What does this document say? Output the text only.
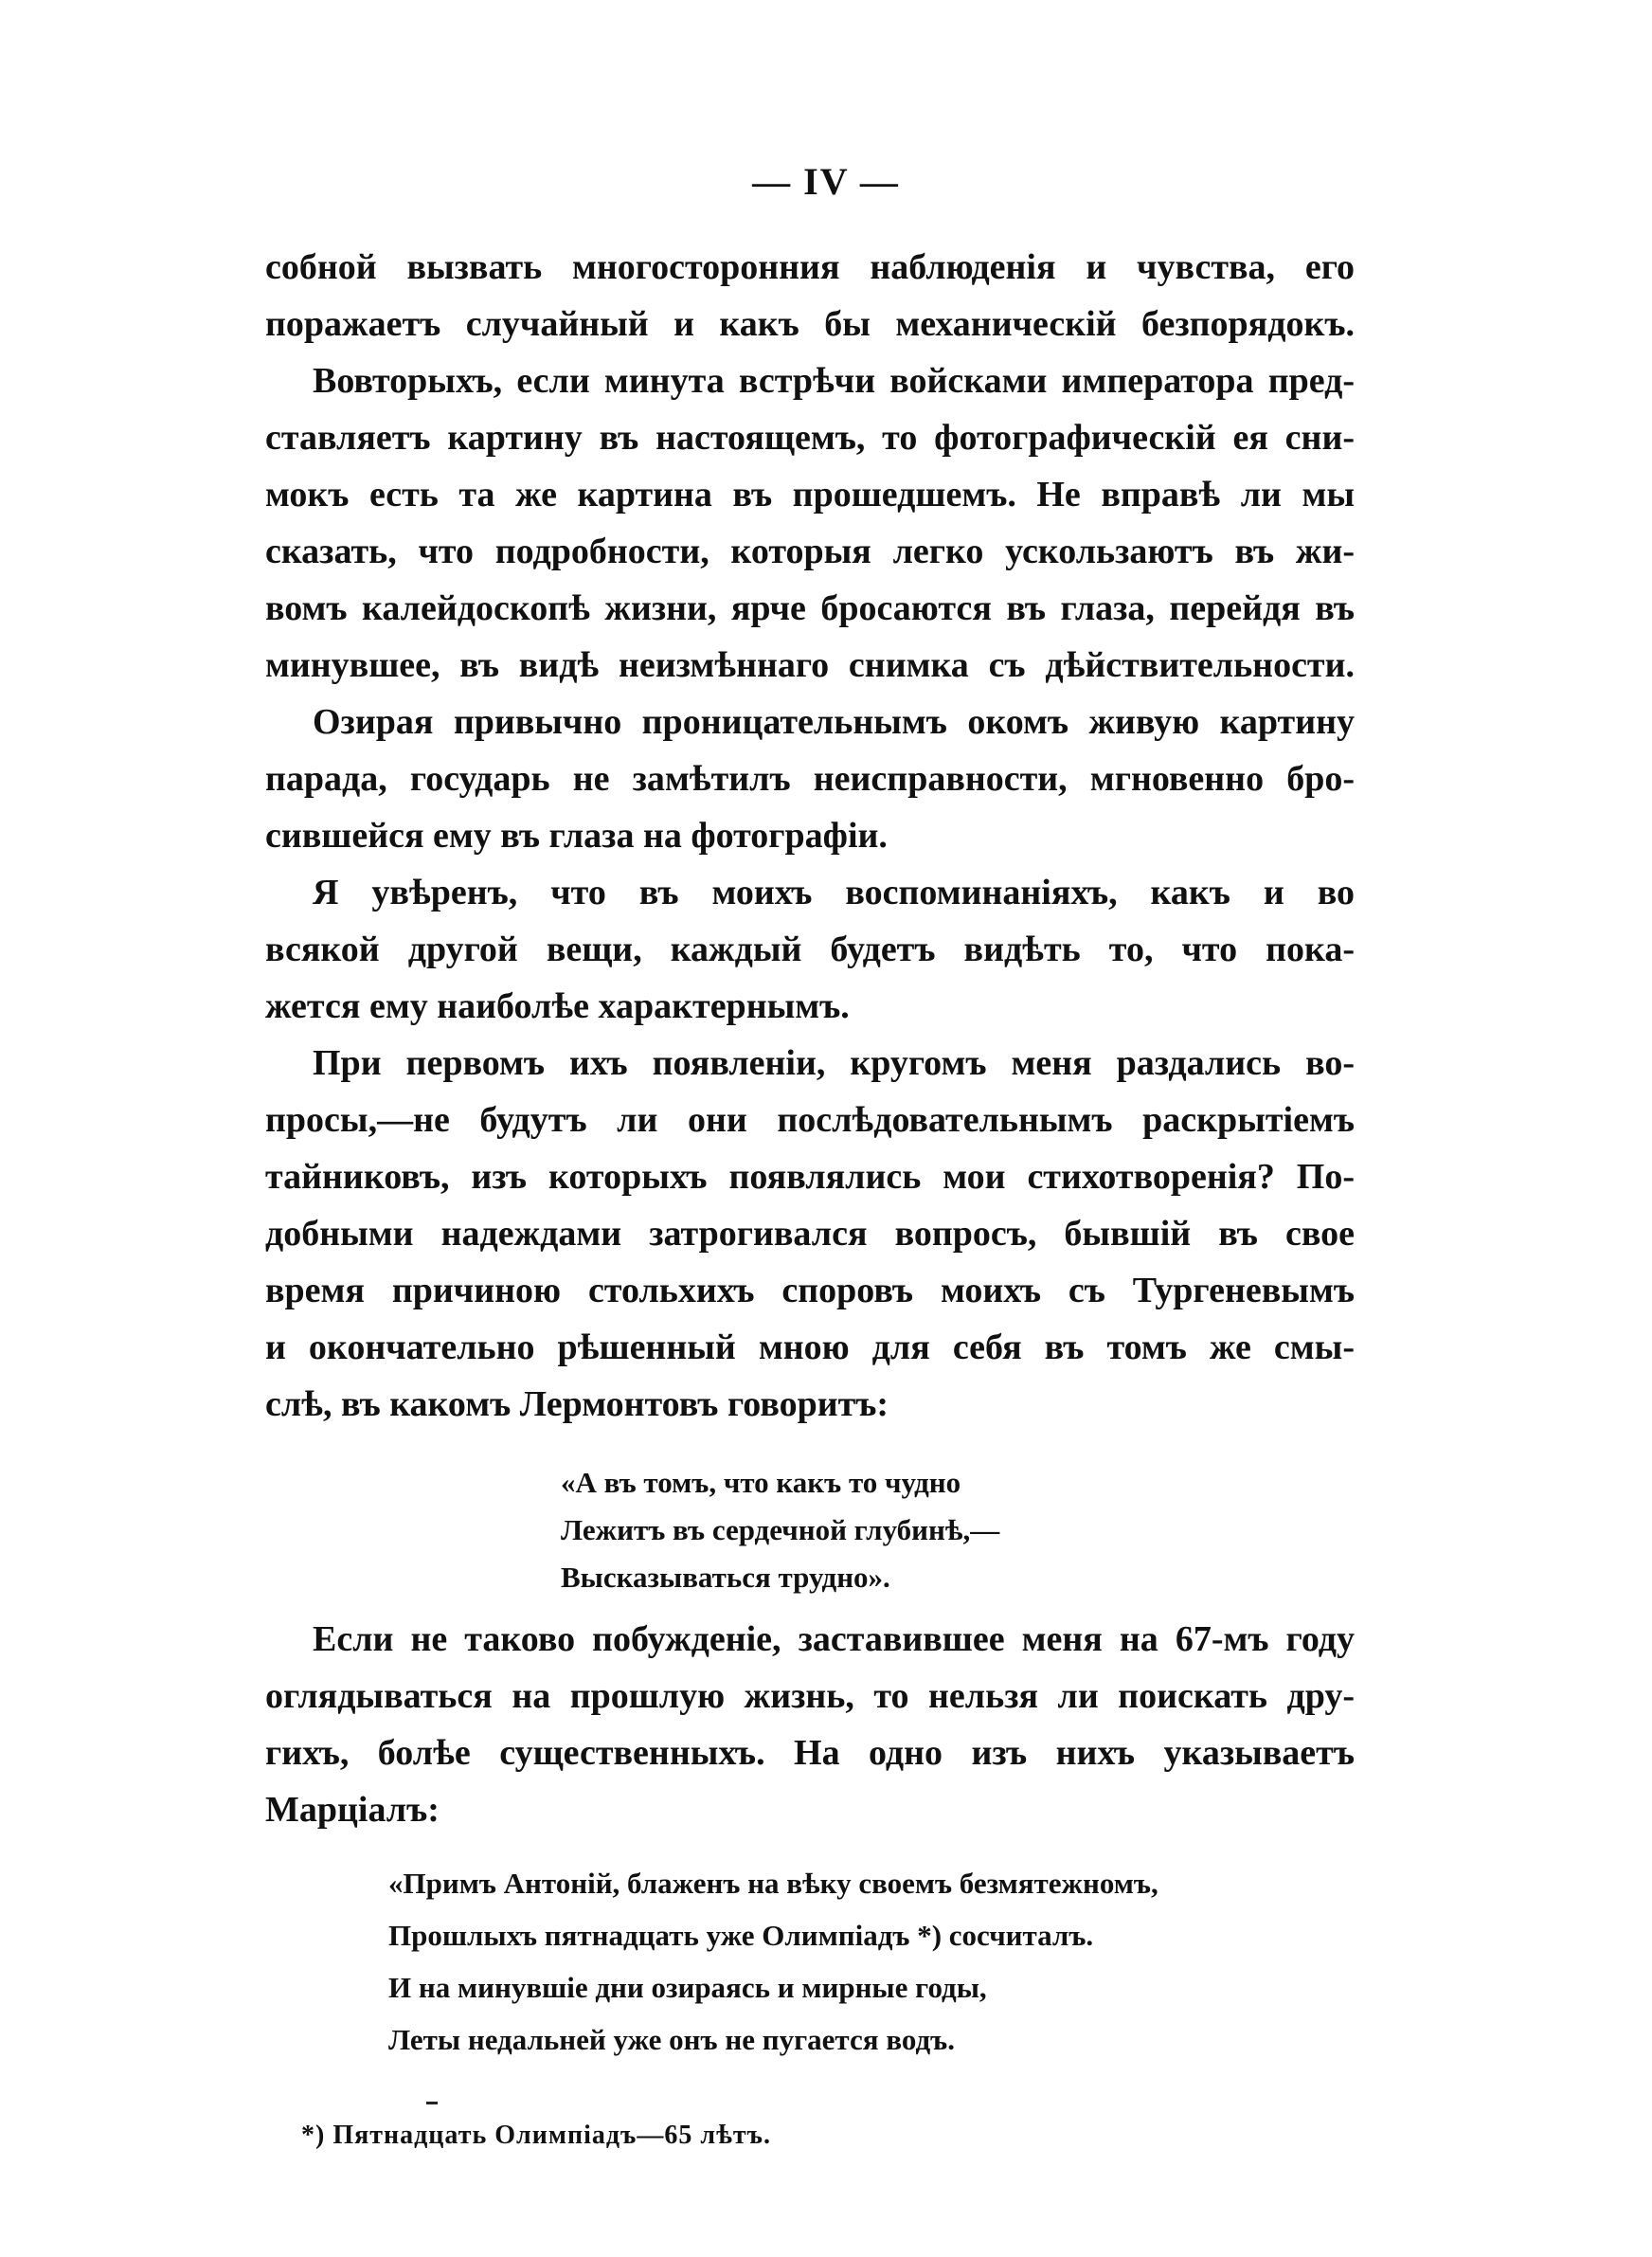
— IV —
собной вызвать многосторонния наблюденія и чувства, его
поражаетъ случайный и какъ бы механическій безпорядокъ.
Вовторыхъ, если минута встрѣчи войсками императора пред-
ставляетъ картину въ настоящемъ, то фотографическій ея сни-
мокъ есть та же картина въ прошедшемъ. Не вправѣ ли мы
сказать, что подробности, которыя легко ускользаютъ въ жи-
вомъ калейдоскопѣ жизни, ярче бросаются въ глаза, перейдя въ
минувшее, въ видѣ неизмѣннаго снимка съ дѣйствительности.
Озирая привычно проницательнымъ окомъ живую картину
парада, государь не замѣтилъ неисправности, мгновенно бро-
сившейся ему въ глаза на фотографіи.
Я увѣренъ, что въ моихъ воспоминаніяхъ, какъ и во
всякой другой вещи, каждый будетъ видѣть то, что пока-
жется ему наиболѣе характернымъ.
При первомъ ихъ появленіи, кругомъ меня раздались во-
просы,—не будутъ ли они послѣдовательнымъ раскрытіемъ
тайниковъ, изъ которыхъ появлялись мои стихотворенія? По-
добными надеждами затрогивался вопросъ, бывшій въ свое
время причиною стольхихъ споровъ моихъ съ Тургеневымъ
и окончательно рѣшенный мною для себя въ томъ же смы-
слѣ, въ какомъ Лермонтовъ говоритъ:
«А въ томъ, что какъ то чудно
Лежитъ въ сердечной глубинѣ,—
Высказываться трудно».
Если не таково побужденіе, заставившее меня на 67-мъ году
оглядываться на прошлую жизнь, то нельзя ли поискать дру-
гихъ, болѣе существенныхъ. На одно изъ нихъ указываетъ
Марціалъ:
«Примъ Антоній, блаженъ на вѣку своемъ безмятежномъ,
Прошлыхъ пятнадцать уже Олимпіадъ *) сосчиталъ.
И на минувшіе дни озираясь и мирные годы,
Леты недальней уже онъ не пугается водъ.
*) Пятнадцать Олимпіадъ—65 лѣтъ.
